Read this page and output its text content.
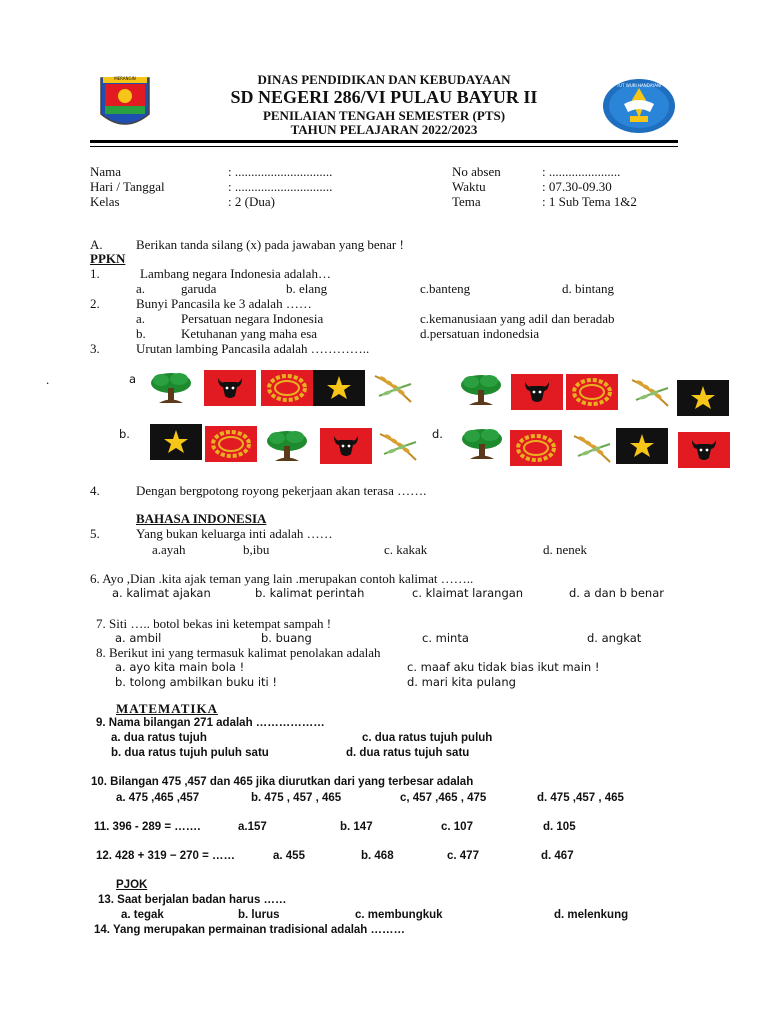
MERANGIN
TUT WURI HANDAYANI
DINAS PENDIDIKAN DAN KEBUDAYAAN
SD NEGERI 286/VI PULAU BAYUR II
PENILAIAN TENGAH SEMESTER (PTS)
TAHUN PELAJARAN 2022/2023
Nama	: ..............................
Hari / Tanggal	: ..............................
Kelas	: 2 (Dua)
No absen	: ......................
Waktu	: 07.30-09.30
Tema	: 1 Sub Tema 1&2
A.	Berikan tanda silang (x) pada jawaban yang benar !
PPKN
1.	Lambang negara Indonesia adalah…
a.	garuda	b. elang	c.banteng	d. bintang
2.	Bunyi Pancasila ke 3 adalah ……
a.	Persatuan negara Indonesia	c.kemanusiaan yang adil dan beradab
b.	Ketuhanan yang maha esa	d.persatuan indonedsia
3.	Urutan lambing Pancasila adalah …………..
.	a
b.	d.
4.	Dengan bergpotong royong pekerjaan akan terasa …….
BAHASA INDONESIA
5.	Yang bukan keluarga inti adalah ……
a.ayah	b,ibu	c. kakak	d. nenek
6. Ayo ,Dian .kita ajak teman yang lain .merupakan contoh kalimat ……..
a. kalimat ajakan	b. kalimat perintah	c. klaimat larangan	d. a dan b benar
7. Siti ….. botol bekas ini ketempat sampah !
a. ambil	b. buang	c. minta	d. angkat
8. Berikut ini yang termasuk kalimat penolakan adalah
a. ayo kita main bola !	c. maaf aku tidak bias ikut main !
b. tolong ambilkan buku iti !	d. mari kita pulang
MATEMATIKA
9. Nama bilangan 271 adalah ………………
a. dua ratus tujuh	c. dua ratus tujuh puluh
b. dua ratus tujuh puluh satu	d. dua ratus tujuh satu
10. Bilangan 475 ,457 dan 465 jika diurutkan dari yang terbesar adalah
a. 475 ,465 ,457	b. 475 , 457 , 465	c, 457 ,465 , 475	d. 475 ,457 , 465
11. 396 - 289 = …….	a.157	b. 147	c. 107	d. 105
12. 428 + 319 − 270 = ……	a. 455	b. 468	c. 477	d. 467
PJOK
13. Saat berjalan badan harus ……
a. tegak	b. lurus	c. membungkuk	d. melenkung
14. Yang merupakan permainan tradisional adalah ………
